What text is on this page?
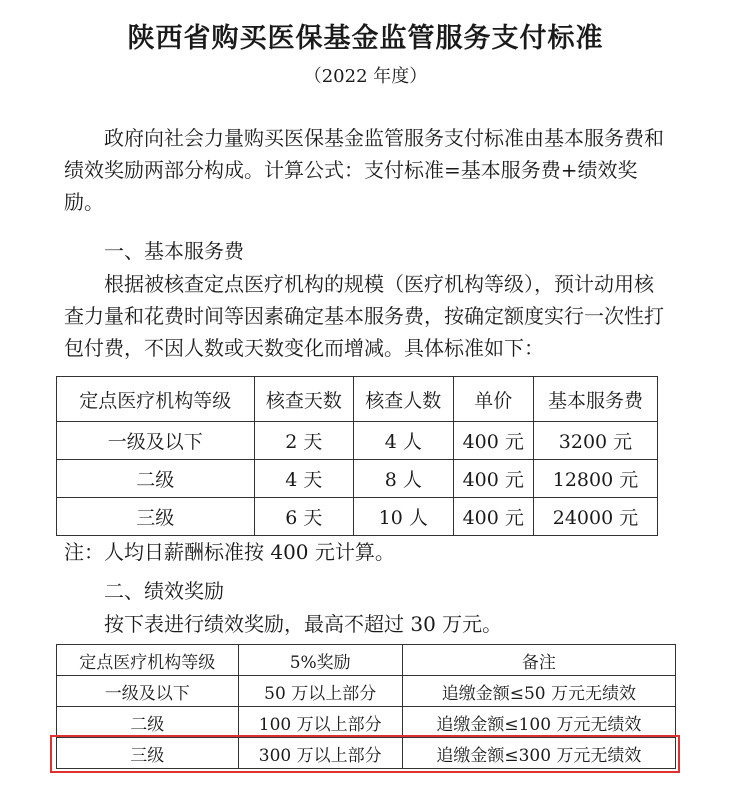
陕西省购买医保基金监管服务支付标准
（2022 年度）
政府向社会力量购买医保基金监管服务支付标准由基本服务费和绩效奖励两部分构成。计算公式：支付标准=基本服务费+绩效奖励。
一、基本服务费
根据被核查定点医疗机构的规模（医疗机构等级），预计动用核查力量和花费时间等因素确定基本服务费，按确定额度实行一次性打包付费，不因人数或天数变化而增减。具体标准如下：
定点医疗机构等级	核查天数	核查人数	单价	基本服务费
一级及以下	2 天	4 人	400 元	3200 元
二级	4 天	8 人	400 元	12800 元
三级	6 天	10 人	400 元	24000 元
注：人均日薪酬标准按 400 元计算。
二、绩效奖励
按下表进行绩效奖励，最高不超过 30 万元。
定点医疗机构等级	5%奖励	备注
一级及以下	50 万以上部分	追缴金额≤50 万元无绩效
二级	100 万以上部分	追缴金额≤100 万元无绩效
三级	300 万以上部分	追缴金额≤300 万元无绩效
